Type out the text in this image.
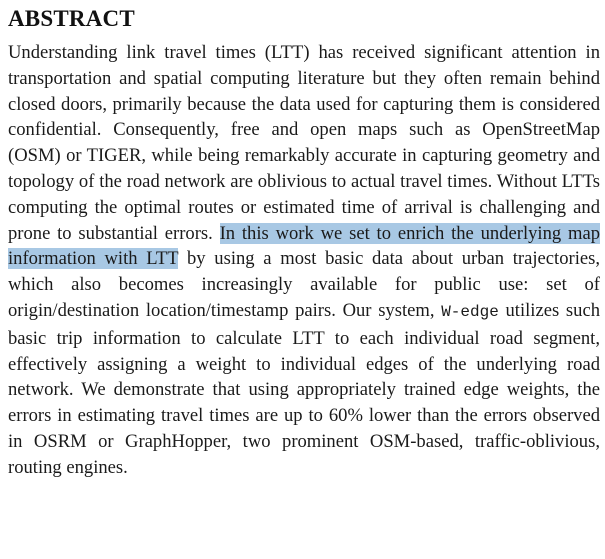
ABSTRACT

Understanding link travel times (LTT) has received significant attention in transportation and spatial computing literature but they often remain behind closed doors, primarily because the data used for capturing them is considered confidential. Consequently, free and open maps such as OpenStreetMap (OSM) or TIGER, while being remarkably accurate in capturing geometry and topology of the road network are oblivious to actual travel times. Without LTTs computing the optimal routes or estimated time of arrival is challenging and prone to substantial errors. In this work we set to enrich the underlying map information with LTT by using a most basic data about urban trajectories, which also becomes increasingly available for public use: set of origin/destination location/timestamp pairs. Our system, W-edge utilizes such basic trip information to calculate LTT to each individual road segment, effectively assigning a weight to individual edges of the underlying road network. We demonstrate that using appropriately trained edge weights, the errors in estimating travel times are up to 60% lower than the errors observed in OSRM or GraphHopper, two prominent OSM-based, traffic-oblivious, routing engines.
